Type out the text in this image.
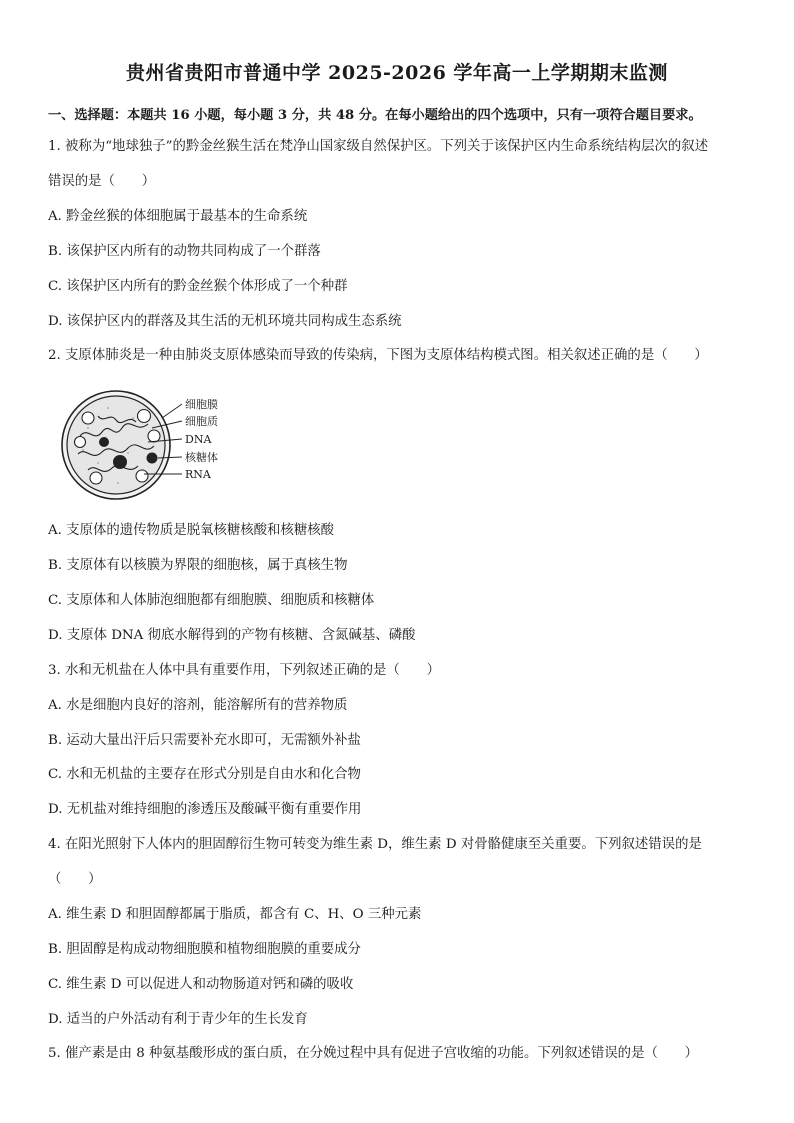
贵州省贵阳市普通中学 2025-2026 学年高一上学期期末监测
一、选择题：本题共 16 小题，每小题 3 分，共 48 分。在每小题给出的四个选项中，只有一项符合题目要求。
1. 被称为“地球独子”的黔金丝猴生活在梵净山国家级自然保护区。下列关于该保护区内生命系统结构层次的叙述
错误的是（　　）
A. 黔金丝猴的体细胞属于最基本的生命系统
B. 该保护区内所有的动物共同构成了一个群落
C. 该保护区内所有的黔金丝猴个体形成了一个种群
D. 该保护区内的群落及其生活的无机环境共同构成生态系统
2. 支原体肺炎是一种由肺炎支原体感染而导致的传染病，下图为支原体结构模式图。相关叙述正确的是（　　）
细胞膜
细胞质
DNA
核糖体
RNA
A. 支原体的遗传物质是脱氧核糖核酸和核糖核酸
B. 支原体有以核膜为界限的细胞核，属于真核生物
C. 支原体和人体肺泡细胞都有细胞膜、细胞质和核糖体
D. 支原体 DNA 彻底水解得到的产物有核糖、含氮碱基、磷酸
3. 水和无机盐在人体中具有重要作用，下列叙述正确的是（　　）
A. 水是细胞内良好的溶剂，能溶解所有的营养物质
B. 运动大量出汗后只需要补充水即可，无需额外补盐
C. 水和无机盐的主要存在形式分别是自由水和化合物
D. 无机盐对维持细胞的渗透压及酸碱平衡有重要作用
4. 在阳光照射下人体内的胆固醇衍生物可转变为维生素 D，维生素 D 对骨骼健康至关重要。下列叙述错误的是
（　　）
A. 维生素 D 和胆固醇都属于脂质，都含有 C、H、O 三种元素
B. 胆固醇是构成动物细胞膜和植物细胞膜的重要成分
C. 维生素 D 可以促进人和动物肠道对钙和磷的吸收
D. 适当的户外活动有利于青少年的生长发育
5. 催产素是由 8 种氨基酸形成的蛋白质，在分娩过程中具有促进子宫收缩的功能。下列叙述错误的是（　　）
